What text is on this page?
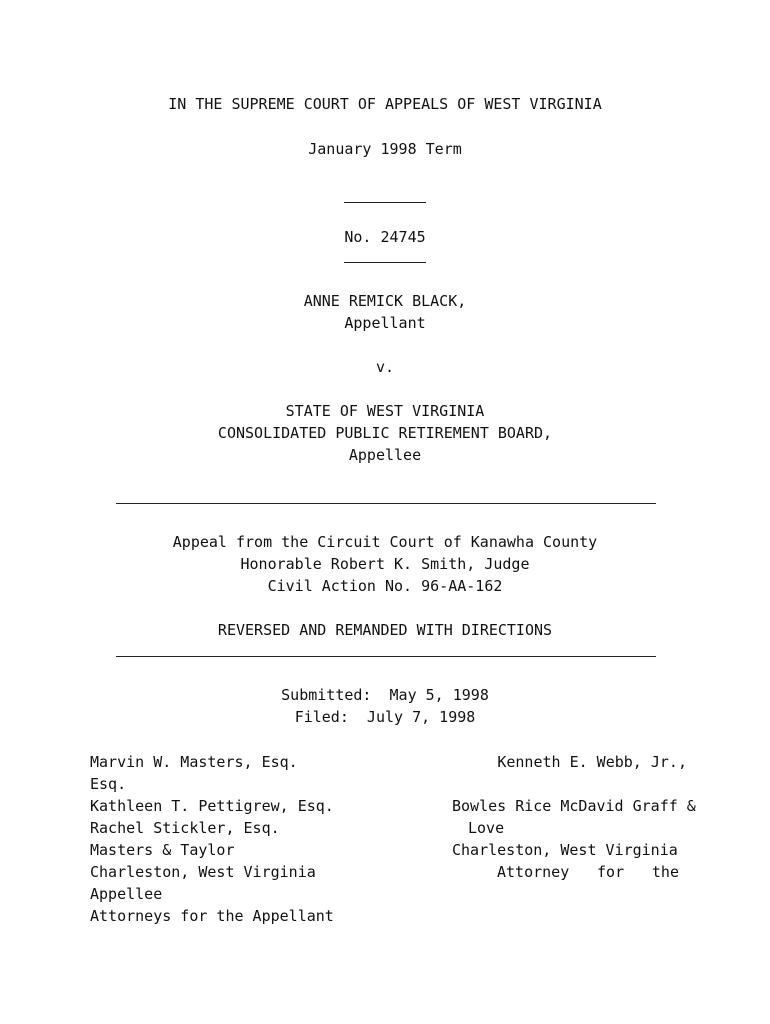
IN THE SUPREME COURT OF APPEALS OF WEST VIRGINIA
January 1998 Term
No. 24745
ANNE REMICK BLACK,
Appellant
v.
STATE OF WEST VIRGINIA
CONSOLIDATED PUBLIC RETIREMENT BOARD,
Appellee
Appeal from the Circuit Court of Kanawha County
Honorable Robert K. Smith, Judge
Civil Action No. 96-AA-162
REVERSED AND REMANDED WITH DIRECTIONS
Submitted:  May 5, 1998
Filed:  July 7, 1998
Marvin W. Masters, Esq.
Esq.
Kathleen T. Pettigrew, Esq.
Rachel Stickler, Esq.
Masters & Taylor
Charleston, West Virginia
Appellee
Attorneys for the Appellant
Kenneth E. Webb, Jr.,
Bowles Rice McDavid Graff &
Love
Charleston, West Virginia
Attorney for the
